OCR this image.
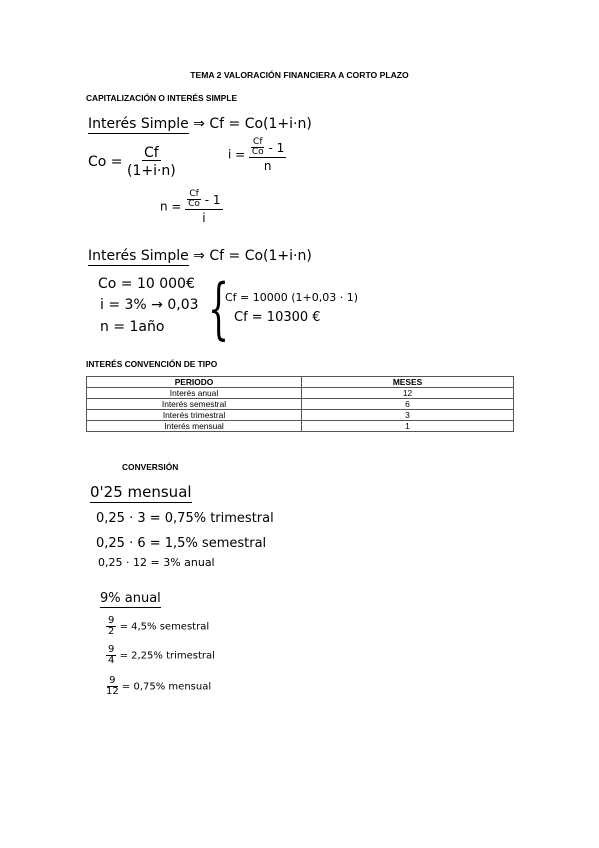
TEMA 2 VALORACIÓN FINANCIERA A CORTO PLAZO
CAPITALIZACIÓN O INTERÉS SIMPLE
Interés Simple ⇒ Cf = Co(1+i·n)
$Co = \frac{Cf}{(1+i\cdot n)}$	$i = \frac{\frac{Cf}{Co} - 1}{n}$
$n = \frac{\frac{Cf}{Co} - 1}{i}$
Interés Simple ⇒ Cf = Co(1+i·n)
Co = 10 000€
i = 3% → 0,03
n = 1año {
Cf = 10000 (1+0,03 · 1)
Cf = 10300 €
INTERÉS CONVENCIÓN DE TIPO
PERIODO	MESES
Interés anual	12
Interés semestral	6
Interés trimestral	3
Interés mensual	1
CONVERSIÓN
0'25 mensual
0,25 · 3 = 0,75% trimestral
0,25 · 6 = 1,5% semestral
0,25 · 12 = 3% anual
9% anual
$\frac{9}{2} = 4,5\%$ semestral
$\frac{9}{4} = 2,25\%$ trimestral
$\frac{9}{12} = 0,75\%$ mensual
